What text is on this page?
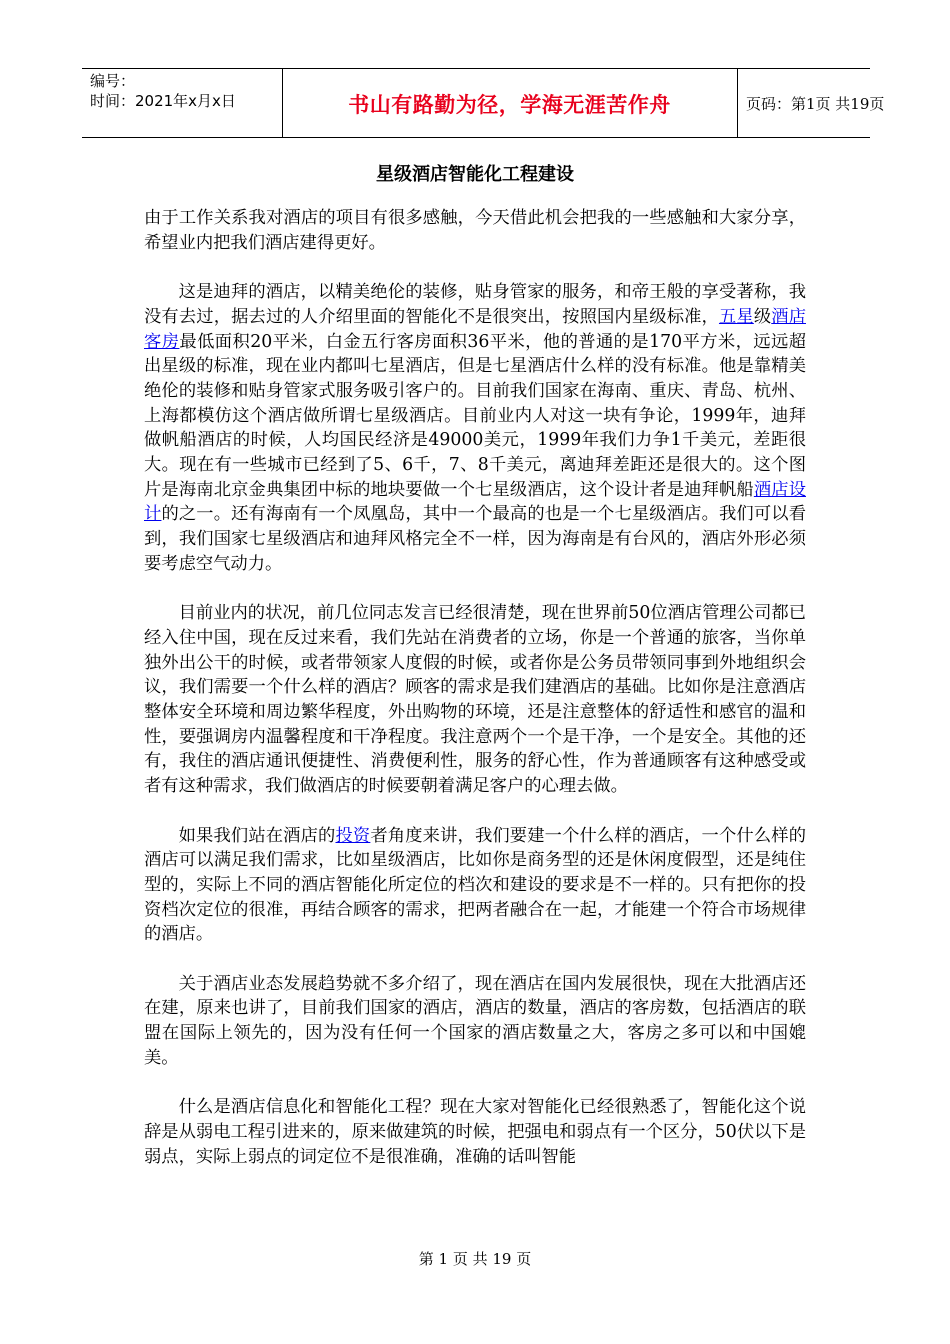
编号：
时间：2021年x月x日	书山有路勤为径，学海无涯苦作舟	页码：第1页 共19页
星级酒店智能化工程建设

由于工作关系我对酒店的项目有很多感触，今天借此机会把我的一些感触和大家分享，希望业内把我们酒店建得更好。

这是迪拜的酒店，以精美绝伦的装修，贴身管家的服务，和帝王般的享受著称，我没有去过，据去过的人介绍里面的智能化不是很突出，按照国内星级标准，五星级酒店客房最低面积20平米，白金五行客房面积36平米，他的普通的是170平方米，远远超出星级的标准，现在业内都叫七星酒店，但是七星酒店什么样的没有标准。他是靠精美绝伦的装修和贴身管家式服务吸引客户的。目前我们国家在海南、重庆、青岛、杭州、上海都模仿这个酒店做所谓七星级酒店。目前业内人对这一块有争论，1999年，迪拜做帆船酒店的时候，人均国民经济是49000美元，1999年我们力争1千美元，差距很大。现在有一些城市已经到了5、6千，7、8千美元，离迪拜差距还是很大的。这个图片是海南北京金典集团中标的地块要做一个七星级酒店，这个设计者是迪拜帆船酒店设计的之一。还有海南有一个凤凰岛，其中一个最高的也是一个七星级酒店。我们可以看到，我们国家七星级酒店和迪拜风格完全不一样，因为海南是有台风的，酒店外形必须要考虑空气动力。

目前业内的状况，前几位同志发言已经很清楚，现在世界前50位酒店管理公司都已经入住中国，现在反过来看，我们先站在消费者的立场，你是一个普通的旅客，当你单独外出公干的时候，或者带领家人度假的时候，或者你是公务员带领同事到外地组织会议，我们需要一个什么样的酒店？顾客的需求是我们建酒店的基础。比如你是注意酒店整体安全环境和周边繁华程度，外出购物的环境，还是注意整体的舒适性和感官的温和性，要强调房内温馨程度和干净程度。我注意两个一个是干净，一个是安全。其他的还有，我住的酒店通讯便捷性、消费便利性，服务的舒心性，作为普通顾客有这种感受或者有这种需求，我们做酒店的时候要朝着满足客户的心理去做。

如果我们站在酒店的投资者角度来讲，我们要建一个什么样的酒店，一个什么样的酒店可以满足我们需求，比如星级酒店，比如你是商务型的还是休闲度假型，还是纯住型的，实际上不同的酒店智能化所定位的档次和建设的要求是不一样的。只有把你的投资档次定位的很准，再结合顾客的需求，把两者融合在一起，才能建一个符合市场规律的酒店。

关于酒店业态发展趋势就不多介绍了，现在酒店在国内发展很快，现在大批酒店还在建，原来也讲了，目前我们国家的酒店，酒店的数量，酒店的客房数，包括酒店的联盟在国际上领先的，因为没有任何一个国家的酒店数量之大，客房之多可以和中国媲美。

什么是酒店信息化和智能化工程？现在大家对智能化已经很熟悉了，智能化这个说辞是从弱电工程引进来的，原来做建筑的时候，把强电和弱点有一个区分，50伏以下是弱点，实际上弱点的词定位不是很准确，准确的话叫智能

第 1 页 共 19 页
